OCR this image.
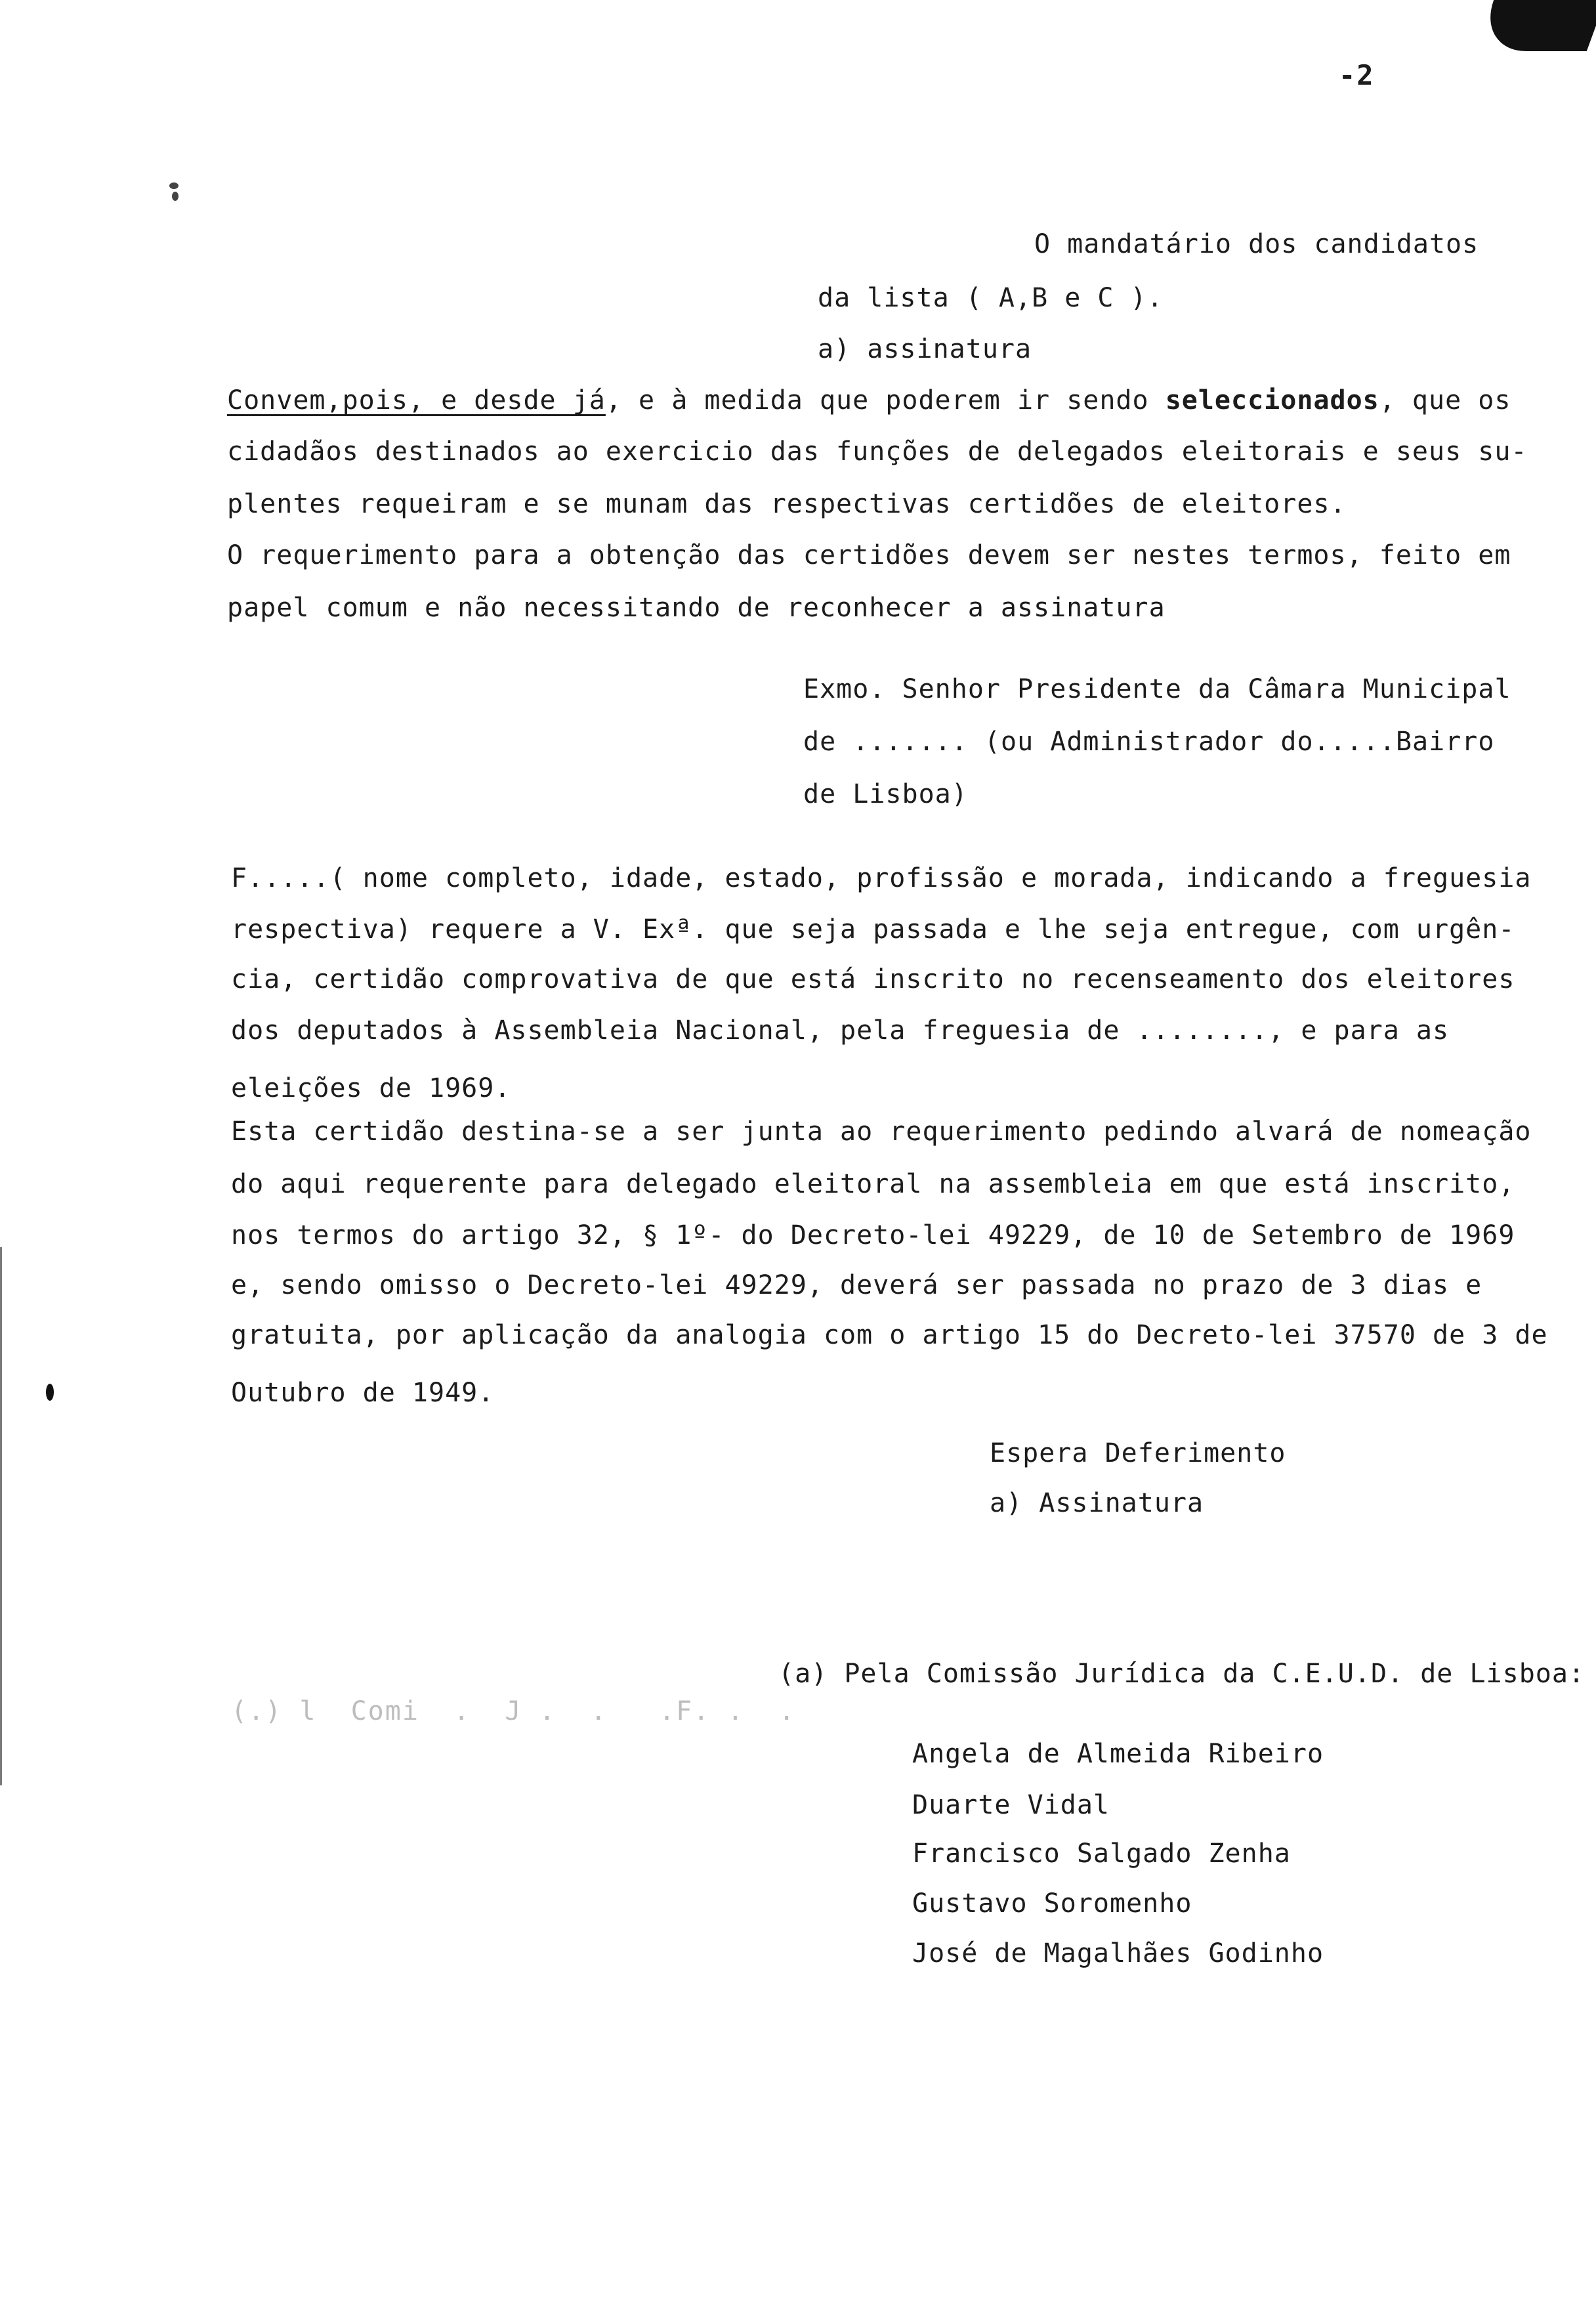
-2
O mandatário dos candidatos
da lista ( A,B e C ).
a) assinatura
Convem,pois, e desde já, e à medida que poderem ir sendo seleccionados, que os
cidadãos destinados ao exercicio das funções de delegados eleitorais e seus su-
plentes requeiram e se munam das respectivas certidões de eleitores.
O requerimento para a obtenção das certidões devem ser nestes termos, feito em
papel comum e não necessitando de reconhecer a assinatura
Exmo. Senhor Presidente da Câmara Municipal
de ....... (ou Administrador do.....Bairro
de Lisboa)
F.....( nome completo, idade, estado, profissão e morada, indicando a freguesia
respectiva) requere a V. Exª. que seja passada e lhe seja entregue, com urgên-
cia, certidão comprovativa de que está inscrito no recenseamento dos eleitores
dos deputados à Assembleia Nacional, pela freguesia de ........, e para as
eleições de 1969.
Esta certidão destina-se a ser junta ao requerimento pedindo alvará de nomeação
do aqui requerente para delegado eleitoral na assembleia em que está inscrito,
nos termos do artigo 32, § 1º- do Decreto-lei 49229, de 10 de Setembro de 1969
e, sendo omisso o Decreto-lei 49229, deverá ser passada no prazo de 3 dias e
gratuita, por aplicação da analogia com o artigo 15 do Decreto-lei 37570 de 3 de
Outubro de 1949.
Espera Deferimento
a) Assinatura
(.) l  Comi  .  J .  .   .F. .  .
(a) Pela Comissão Jurídica da C.E.U.D. de Lisboa:
Angela de Almeida Ribeiro
Duarte Vidal
Francisco Salgado Zenha
Gustavo Soromenho
José de Magalhães Godinho
